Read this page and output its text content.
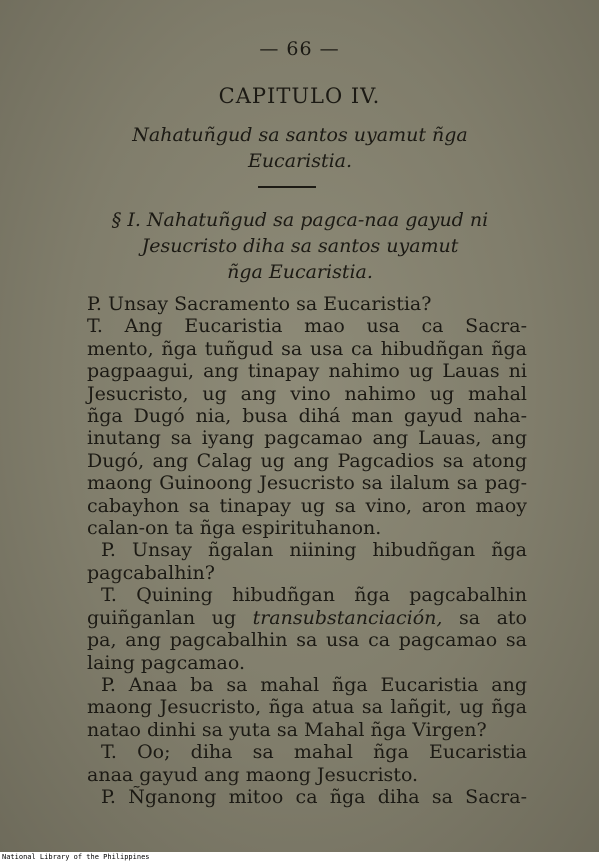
— 66 —
CAPITULO IV.
Nahatuñgud sa santos uyamut ñga
Eucaristia.
§ I. Nahatuñgud sa pagca-naa gayud ni
Jesucristo diha sa santos uyamut
ñga Eucaristia.
P. Unsay Sacramento sa Eucaristia?
T. Ang Eucaristia mao usa ca Sacra-
mento, ñga tuñgud sa usa ca hibudñgan ñga
pagpaagui, ang tinapay nahimo ug Lauas ni
Jesucristo, ug ang vino nahimo ug mahal
ñga Dugó nia, busa dihá man gayud naha-
inutang sa iyang pagcamao ang Lauas, ang
Dugó, ang Calag ug ang Pagcadios sa atong
maong Guinoong Jesucristo sa ilalum sa pag-
cabayhon sa tinapay ug sa vino, aron maoy
calan-on ta ñga espirituhanon.
P. Unsay ñgalan niining hibudñgan ñga
pagcabalhin?
T. Quining hibudñgan ñga pagcabalhin
guiñganlan ug transubstanciación, sa ato
pa, ang pagcabalhin sa usa ca pagcamao sa
laing pagcamao.
P. Anaa ba sa mahal ñga Eucaristia ang
maong Jesucristo, ñga atua sa lañgit, ug ñga
natao dinhi sa yuta sa Mahal ñga Virgen?
T. Oo; diha sa mahal ñga Eucaristia
anaa gayud ang maong Jesucristo.
P. Ñganong mitoo ca ñga diha sa Sacra-
National Library of the Philippines
